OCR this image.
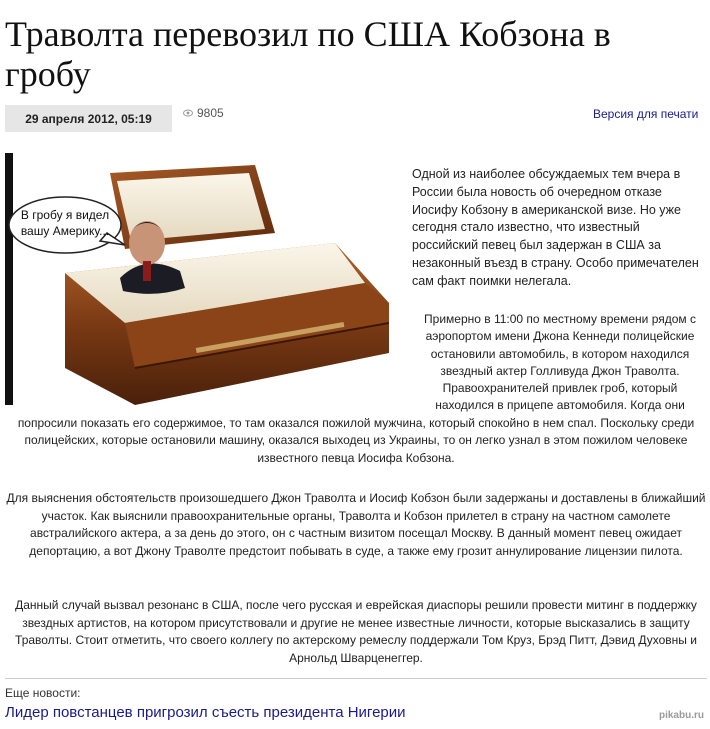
Траволта перевозил по США Кобзона в гробу
29 апреля 2012, 05:19	9805	Версия для печати
В гробу я видел
вашу Америку...
Одной из наиболее обсуждаемых тем вчера в России была новость об очередном отказе Иосифу Кобзону в американской визе. Но уже сегодня стало известно, что известный российский певец был задержан в США за незаконный въезд в страну. Особо примечателен сам факт поимки нелегала.
Примерно в 11:00 по местному времени рядом с аэропортом имени Джона Кеннеди полицейские остановили автомобиль, в котором находился звездный актер Голливуда Джон Траволта. Правоохранителей привлек гроб, который находился в прицепе автомобиля. Когда они
попросили показать его содержимое, то там оказался пожилой мужчина, который спокойно в нем спал. Поскольку среди полицейских, которые остановили машину, оказался выходец из Украины, то он легко узнал в этом пожилом человеке известного певца Иосифа Кобзона.
Для выяснения обстоятельств произошедшего Джон Траволта и Иосиф Кобзон были задержаны и доставлены в ближайший участок. Как выяснили правоохранительные органы, Траволта и Кобзон прилетел в страну на частном самолете австралийского актера, а за день до этого, он с частным визитом посещал Москву. В данный момент певец ожидает депортацию, а вот Джону Траволте предстоит побывать в суде, а также ему грозит аннулирование лицензии пилота.
Данный случай вызвал резонанс в США, после чего русская и еврейская диаспоры решили провести митинг в поддержку звездных артистов, на котором присутствовали и другие не менее известные личности, которые высказались в защиту Траволты. Стоит отметить, что своего коллегу по актерскому ремеслу поддержали Том Круз, Брэд Питт, Дэвид Духовны и Арнольд Шварценеггер.
Еще новости:
Лидер повстанцев пригрозил съесть президента Нигерии	pikabu.ru
